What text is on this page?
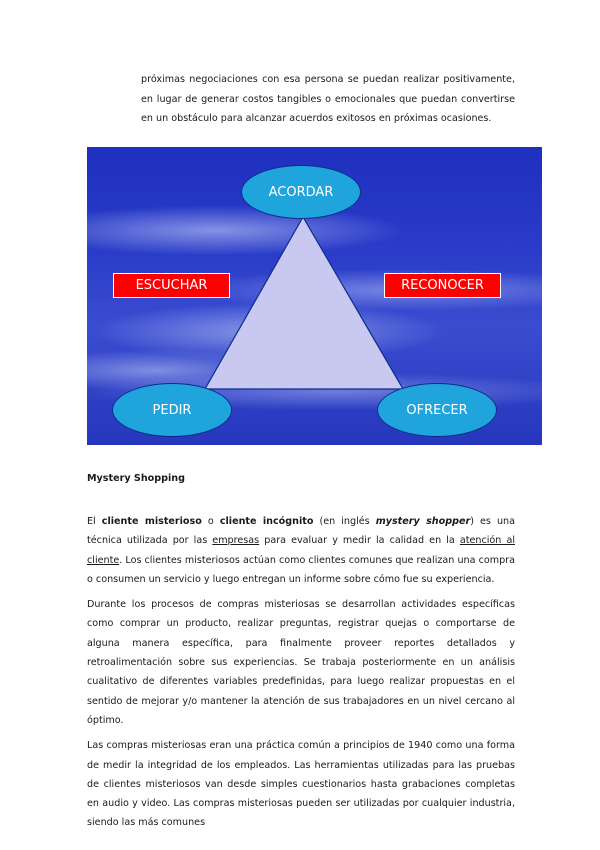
próximas negociaciones con esa persona se puedan realizar positivamente, en lugar de generar costos tangibles o emocionales que puedan convertirse en un obstáculo para alcanzar acuerdos exitosos en próximas ocasiones.

ACORDAR
ESCUCHAR	RECONOCER
PEDIR	OFRECER
Mystery Shopping

El cliente misterioso o cliente incógnito (en inglés mystery shopper) es una técnica utilizada por las empresas para evaluar y medir la calidad en la atención al cliente. Los clientes misteriosos actúan como clientes comunes que realizan una compra o consumen un servicio y luego entregan un informe sobre cómo fue su experiencia.

Durante los procesos de compras misteriosas se desarrollan actividades específicas como comprar un producto, realizar preguntas, registrar quejas o comportarse de alguna manera específica, para finalmente proveer reportes detallados y retroalimentación sobre sus experiencias. Se trabaja posteriormente en un análisis cualitativo de diferentes variables predefinidas, para luego realizar propuestas en el sentido de mejorar y/o mantener la atención de sus trabajadores en un nivel cercano al óptimo.

Las compras misteriosas eran una práctica común a principios de 1940 como una forma de medir la integridad de los empleados. Las herramientas utilizadas para las pruebas de clientes misteriosos van desde simples cuestionarios hasta grabaciones completas en audio y video. Las compras misteriosas pueden ser utilizadas por cualquier industria, siendo las más comunes
